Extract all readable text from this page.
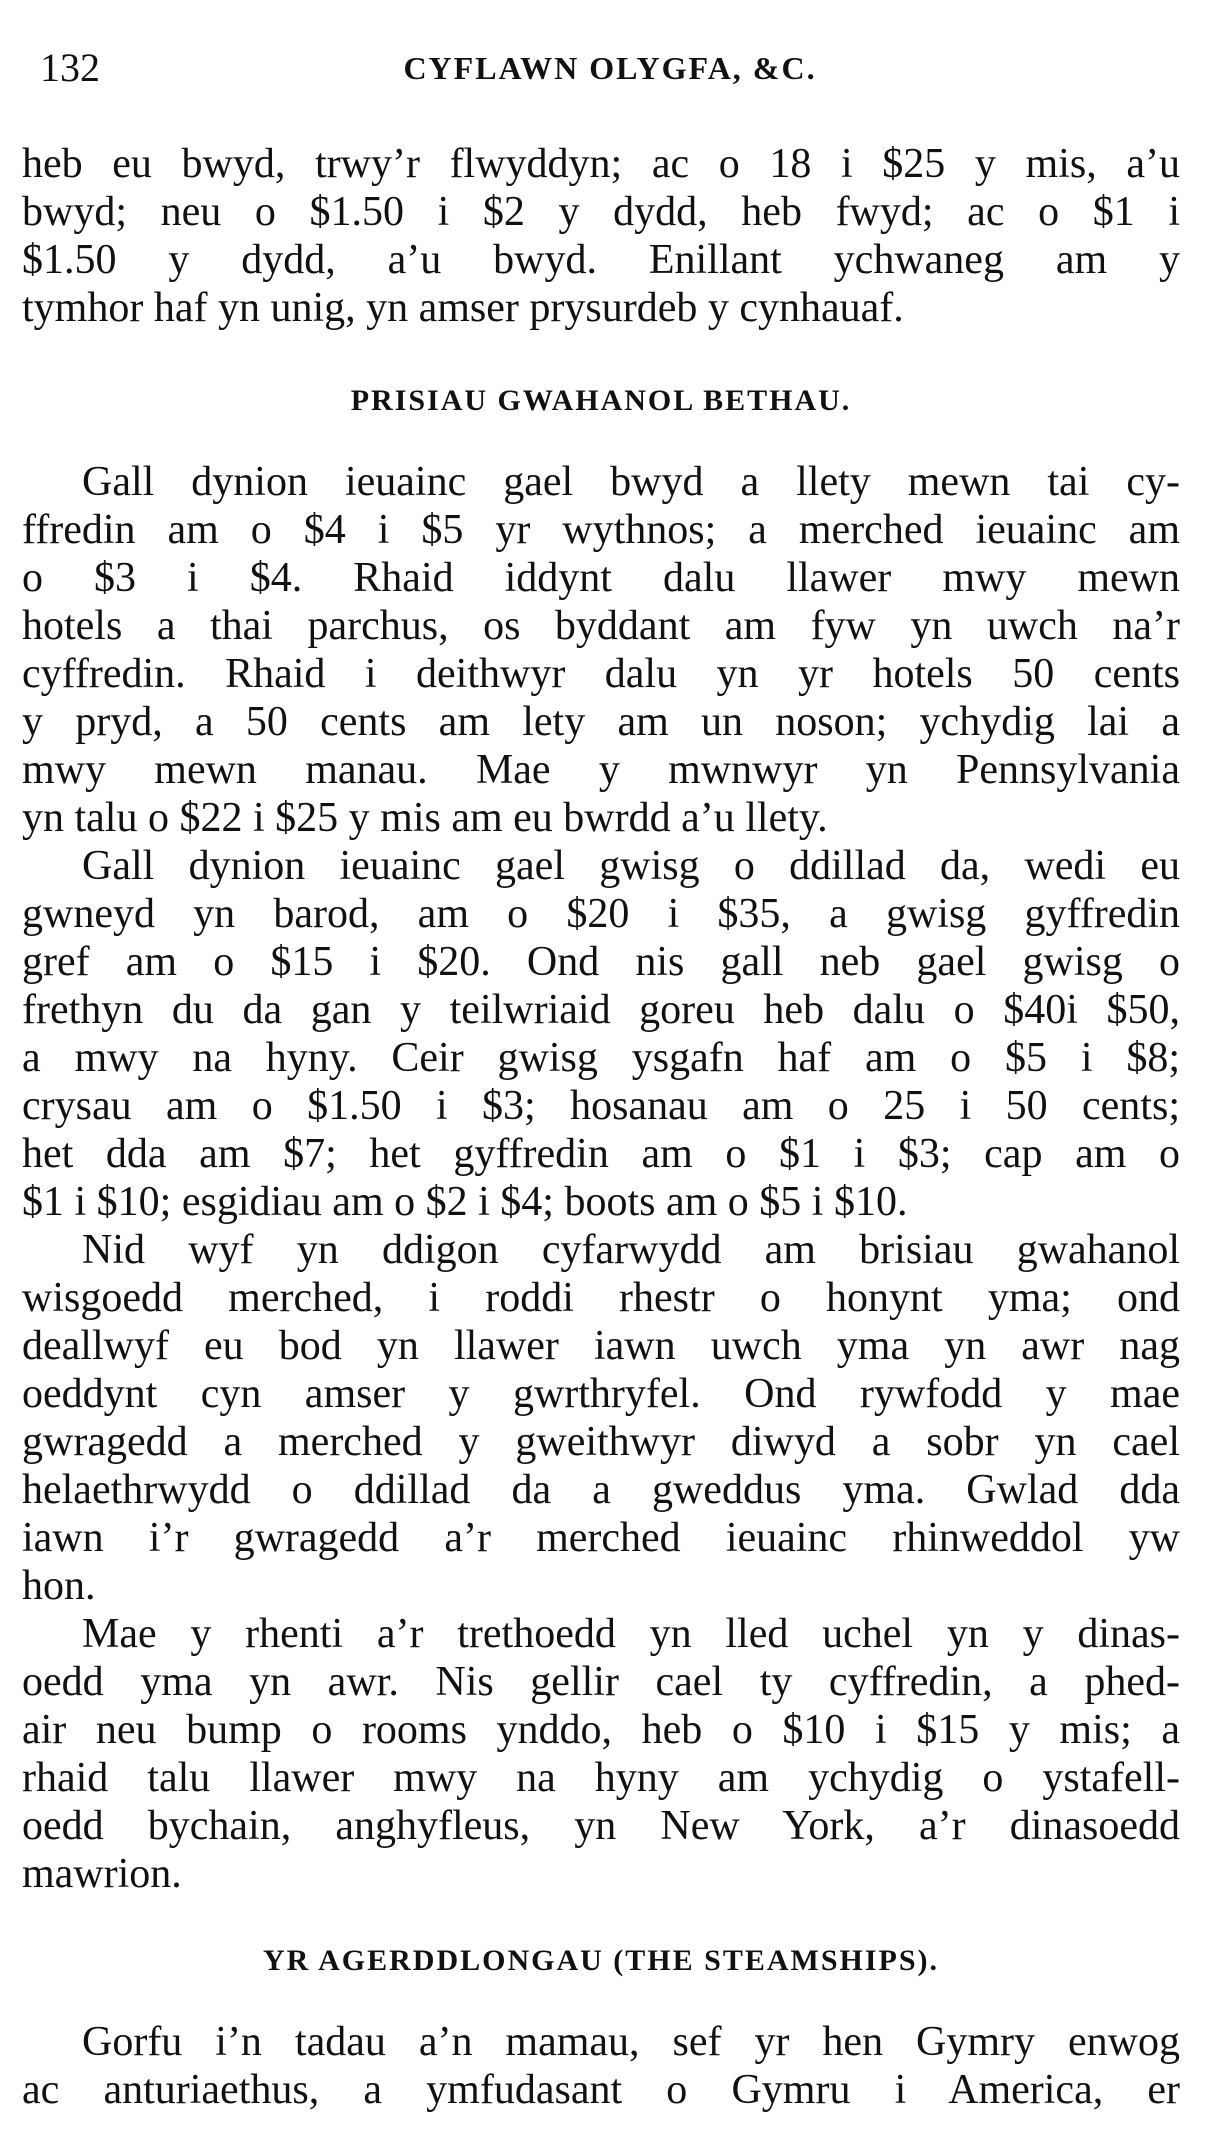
132	CYFLAWN OLYGFA, &C.
heb eu bwyd, trwy’r flwyddyn; ac o 18 i $25 y mis, a’u
bwyd; neu o $1.50 i $2 y dydd, heb fwyd; ac o $1 i
$1.50 y dydd, a’u bwyd. Enillant ychwaneg am y
tymhor haf yn unig, yn amser prysurdeb y cynhauaf.
PRISIAU GWAHANOL BETHAU.
Gall dynion ieuainc gael bwyd a llety mewn tai cy-
ffredin am o $4 i $5 yr wythnos; a merched ieuainc am
o $3 i $4. Rhaid iddynt dalu llawer mwy mewn
hotels a thai parchus, os byddant am fyw yn uwch na’r
cyffredin. Rhaid i deithwyr dalu yn yr hotels 50 cents
y pryd, a 50 cents am lety am un noson; ychydig lai a
mwy mewn manau. Mae y mwnwyr yn Pennsylvania
yn talu o $22 i $25 y mis am eu bwrdd a’u llety.
Gall dynion ieuainc gael gwisg o ddillad da, wedi eu
gwneyd yn barod, am o $20 i $35, a gwisg gyffredin
gref am o $15 i $20. Ond nis gall neb gael gwisg o
frethyn du da gan y teilwriaid goreu heb dalu o $40i $50,
a mwy na hyny. Ceir gwisg ysgafn haf am o $5 i $8;
crysau am o $1.50 i $3; hosanau am o 25 i 50 cents;
het dda am $7; het gyffredin am o $1 i $3; cap am o
$1 i $10; esgidiau am o $2 i $4; boots am o $5 i $10.
Nid wyf yn ddigon cyfarwydd am brisiau gwahanol
wisgoedd merched, i roddi rhestr o honynt yma; ond
deallwyf eu bod yn llawer iawn uwch yma yn awr nag
oeddynt cyn amser y gwrthryfel. Ond rywfodd y mae
gwragedd a merched y gweithwyr diwyd a sobr yn cael
helaethrwydd o ddillad da a gweddus yma. Gwlad dda
iawn i’r gwragedd a’r merched ieuainc rhinweddol yw
hon.
Mae y rhenti a’r trethoedd yn lled uchel yn y dinas-
oedd yma yn awr. Nis gellir cael ty cyffredin, a phed-
air neu bump o rooms ynddo, heb o $10 i $15 y mis; a
rhaid talu llawer mwy na hyny am ychydig o ystafell-
oedd bychain, anghyfleus, yn New York, a’r dinasoedd
mawrion.
YR AGERDDLONGAU (THE STEAMSHIPS).
Gorfu i’n tadau a’n mamau, sef yr hen Gymry enwog
ac anturiaethus, a ymfudasant o Gymru i America, er
